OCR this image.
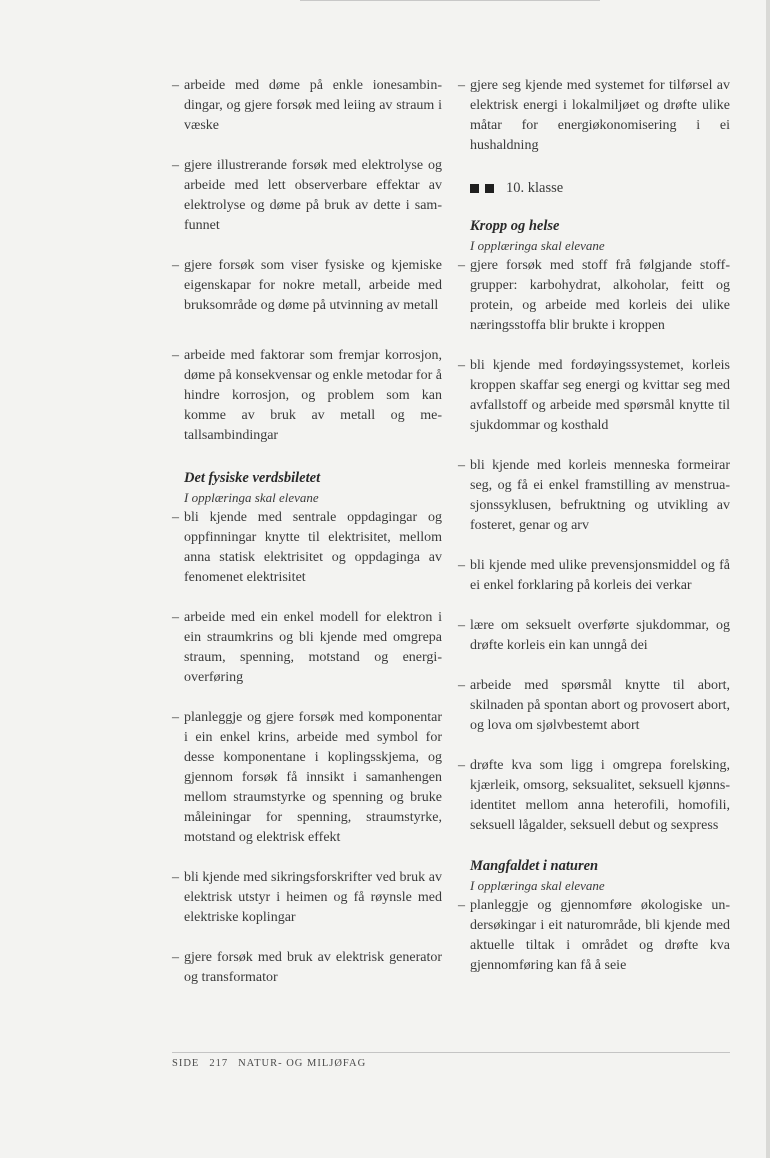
– arbeide med døme på enkle ionesambindingar, og gjere forsøk med leiing av straum i væske

– gjere illustrerande forsøk med elektrolyse og arbeide med lett observerbare effektar av elektrolyse og døme på bruk av dette i samfunnet

– gjere forsøk som viser fysiske og kjemiske eigenskapar for nokre metall, arbeide med bruksområde og døme på utvinning av metall

– arbeide med faktorar som fremjar korrosjon, døme på konsekvensar og enkle metodar for å hindre korrosjon, og problem som kan komme av bruk av metall og metallsambindingar

Det fysiske verdsbiletet

I opplæringa skal elevane

– bli kjende med sentrale oppdagingar og oppfinningar knytte til elektrisitet, mellom anna statisk elektrisitet og oppdaginga av fenomenet elektrisitet

– arbeide med ein enkel modell for elektron i ein straumkrins og bli kjende med omgrepa straum, spenning, motstand og energioverføring

– planleggje og gjere forsøk med komponentar i ein enkel krins, arbeide med symbol for desse komponentane i koplingsskjema, og gjennom forsøk få innsikt i samanhengen mellom straumstyrke og spenning og bruke måleiningar for spenning, straumstyrke, motstand og elektrisk effekt

– bli kjende med sikringsforskrifter ved bruk av elektrisk utstyr i heimen og få røynsle med elektriske koplingar

– gjere forsøk med bruk av elektrisk generator og transformator

– gjere seg kjende med systemet for tilførsel av elektrisk energi i lokalmiljøet og drøfte ulike måtar for energiøkonomisering i ei hushaldning

10. klasse

Kropp og helse

I opplæringa skal elevane

– gjere forsøk med stoff frå følgjande stoffgrupper: karbohydrat, alkoholar, feitt og protein, og arbeide med korleis dei ulike næringsstoffa blir brukte i kroppen

– bli kjende med fordøyingssystemet, korleis kroppen skaffar seg energi og kvittar seg med avfallstoff og arbeide med spørsmål knytte til sjukdommar og kosthald

– bli kjende med korleis menneska formeirar seg, og få ei enkel framstilling av menstruasjonssyklusen, befruktning og utvikling av fosteret, genar og arv

– bli kjende med ulike prevensjonsmiddel og få ei enkel forklaring på korleis dei verkar

– lære om seksuelt overførte sjukdommar, og drøfte korleis ein kan unngå dei

– arbeide med spørsmål knytte til abort, skilnaden på spontan abort og provosert abort, og lova om sjølvbestemt abort

– drøfte kva som ligg i omgrepa forelsking, kjærleik, omsorg, seksualitet, seksuell kjønnsidentitet mellom anna heterofili, homofili, seksuell lågalder, seksuell debut og sexpress

Mangfaldet i naturen

I opplæringa skal elevane

– planleggje og gjennomføre økologiske undersøkingar i eit naturområde, bli kjende med aktuelle tiltak i området og drøfte kva gjennomføring kan få å seie

SIDE 217 NATUR- OG MILJØFAG
